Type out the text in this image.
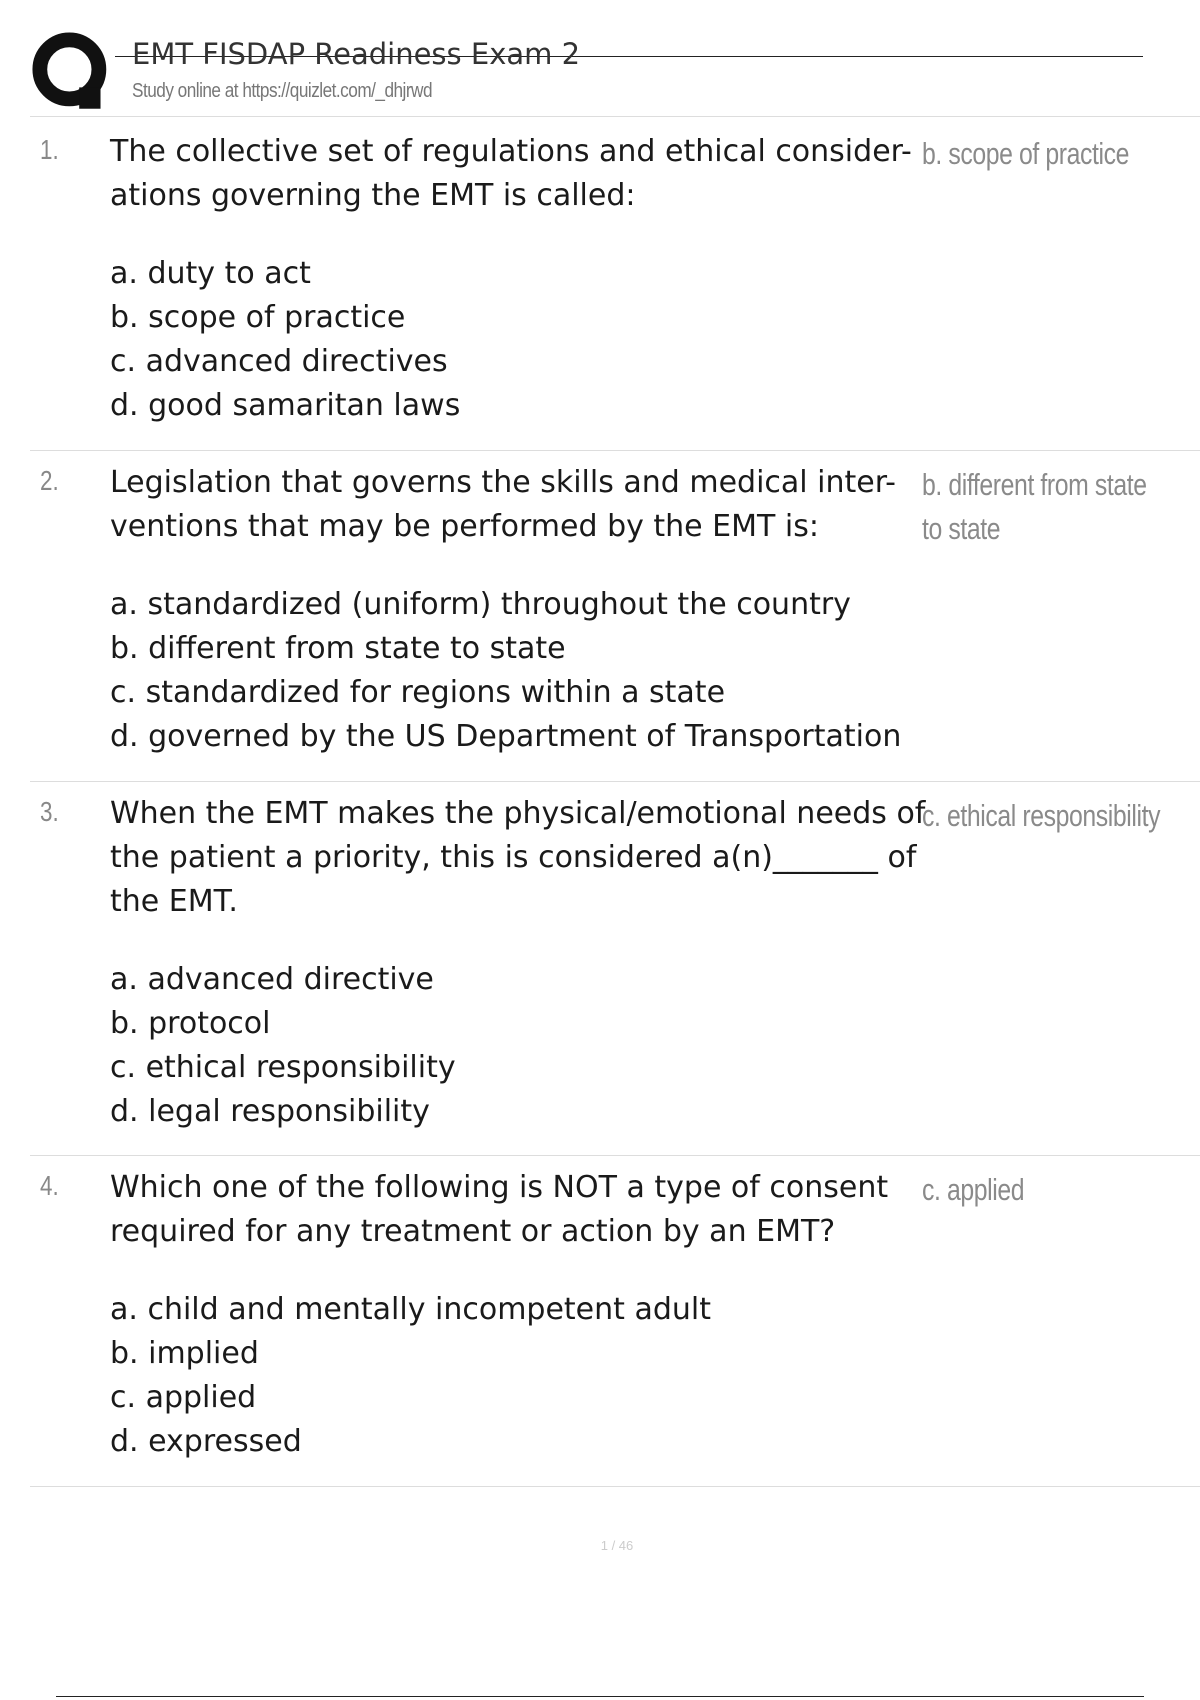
EMT FISDAP Readiness Exam 2
Study online at https://quizlet.com/_dhjrwd
1. The collective set of regulations and ethical consider-ations governing the EMT is called:
a. duty to act
b. scope of practice
c. advanced directives
d. good samaritan laws
b. scope of practice
2. Legislation that governs the skills and medical inter-ventions that may be performed by the EMT is:
a. standardized (uniform) throughout the country
b. different from state to state
c. standardized for regions within a state
d. governed by the US Department of Transportation
b. different from state to state
3. When the EMT makes the physical/emotional needs of the patient a priority, this is considered a(n)_______ of the EMT.
a. advanced directive
b. protocol
c. ethical responsibility
d. legal responsibility
c. ethical responsibility
4. Which one of the following is NOT a type of consent required for any treatment or action by an EMT?
a. child and mentally incompetent adult
b. implied
c. applied
d. expressed
c. applied
1 / 46
